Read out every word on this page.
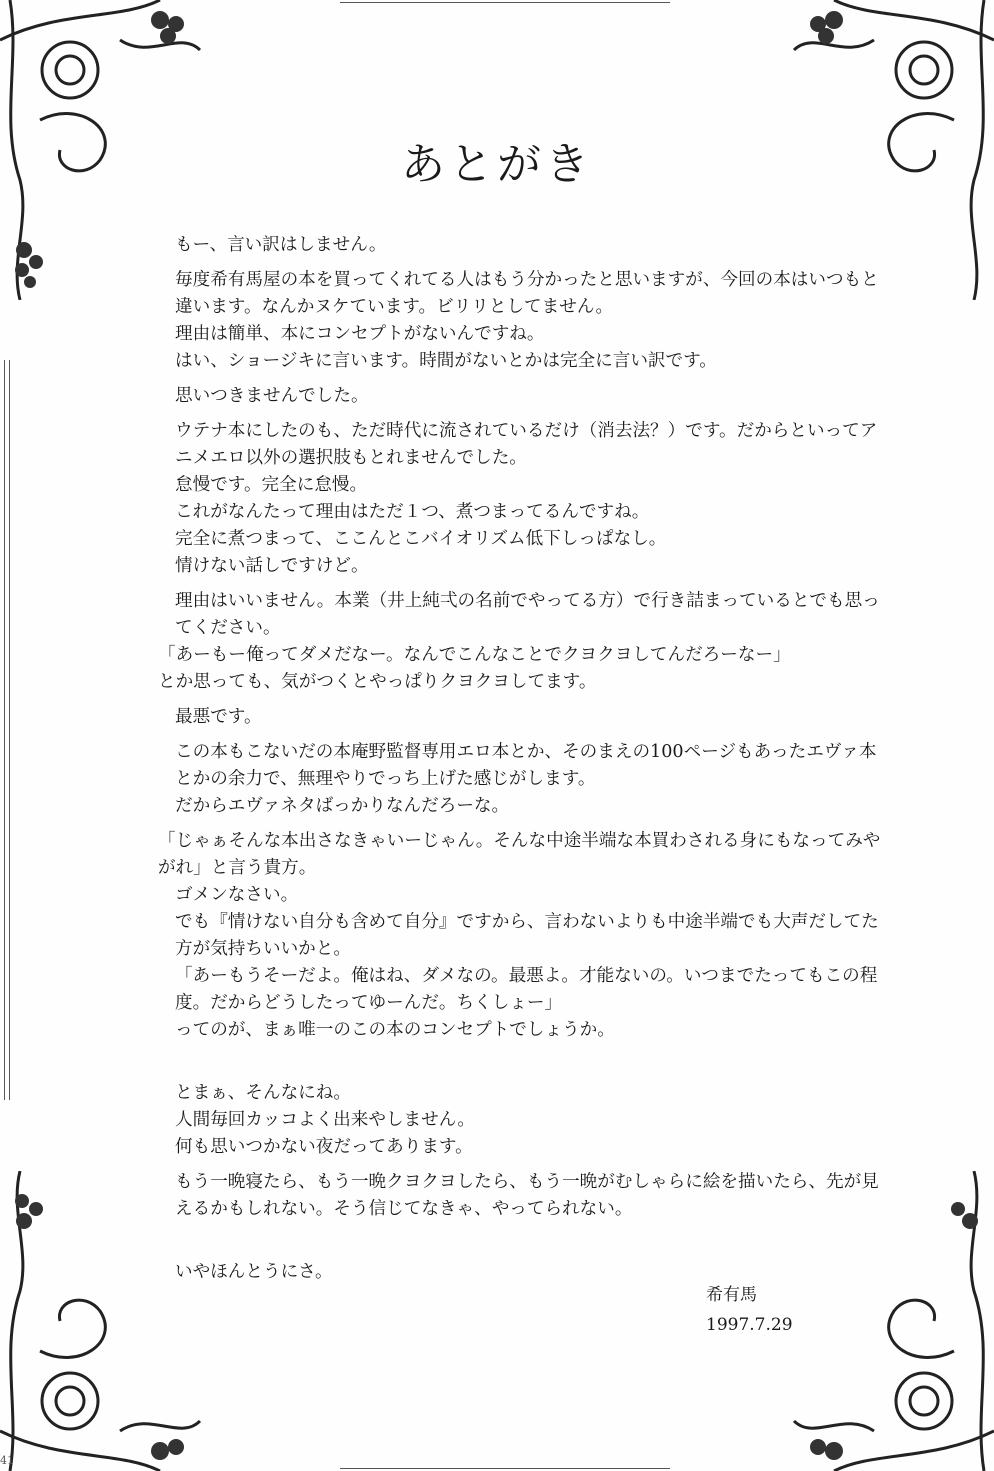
あとがき

もー、言い訳はしません。

毎度希有馬屋の本を買ってくれてる人はもう分かったと思いますが、今回の本はいつもと違います。なんかヌケています。ビリリとしてません。

理由は簡単、本にコンセプトがないんですね。

はい、ショージキに言います。時間がないとかは完全に言い訳です。

思いつきませんでした。

ウテナ本にしたのも、ただ時代に流されているだけ（消去法？）です。だからといってアニメエロ以外の選択肢もとれませんでした。

怠慢です。完全に怠慢。

これがなんたって理由はただ１つ、煮つまってるんですね。

完全に煮つまって、ここんとこバイオリズム低下しっぱなし。

情けない話しですけど。

理由はいいません。本業（井上純弌の名前でやってる方）で行き詰まっているとでも思ってください。

「あーもー俺ってダメだなー。なんでこんなことでクヨクヨしてんだろーなー」

とか思っても、気がつくとやっぱりクヨクヨしてます。

最悪です。

この本もこないだの本庵野監督専用エロ本とか、そのまえの100ページもあったエヴァ本とかの余力で、無理やりでっち上げた感じがします。

だからエヴァネタばっかりなんだろーな。

「じゃぁそんな本出さなきゃいーじゃん。そんな中途半端な本買わされる身にもなってみやがれ」と言う貴方。

ゴメンなさい。

でも『情けない自分も含めて自分』ですから、言わないよりも中途半端でも大声だしてた方が気持ちいいかと。

「あーもうそーだよ。俺はね、ダメなの。最悪よ。才能ないの。いつまでたってもこの程度。だからどうしたってゆーんだ。ちくしょー」

ってのが、まぁ唯一のこの本のコンセプトでしょうか。

とまぁ、そんなにね。

人間毎回カッコよく出来やしません。

何も思いつかない夜だってあります。

もう一晩寝たら、もう一晩クヨクヨしたら、もう一晩がむしゃらに絵を描いたら、先が見えるかもしれない。そう信じてなきゃ、やってられない。

いやほんとうにさ。

希有馬
1997.7.29
41
